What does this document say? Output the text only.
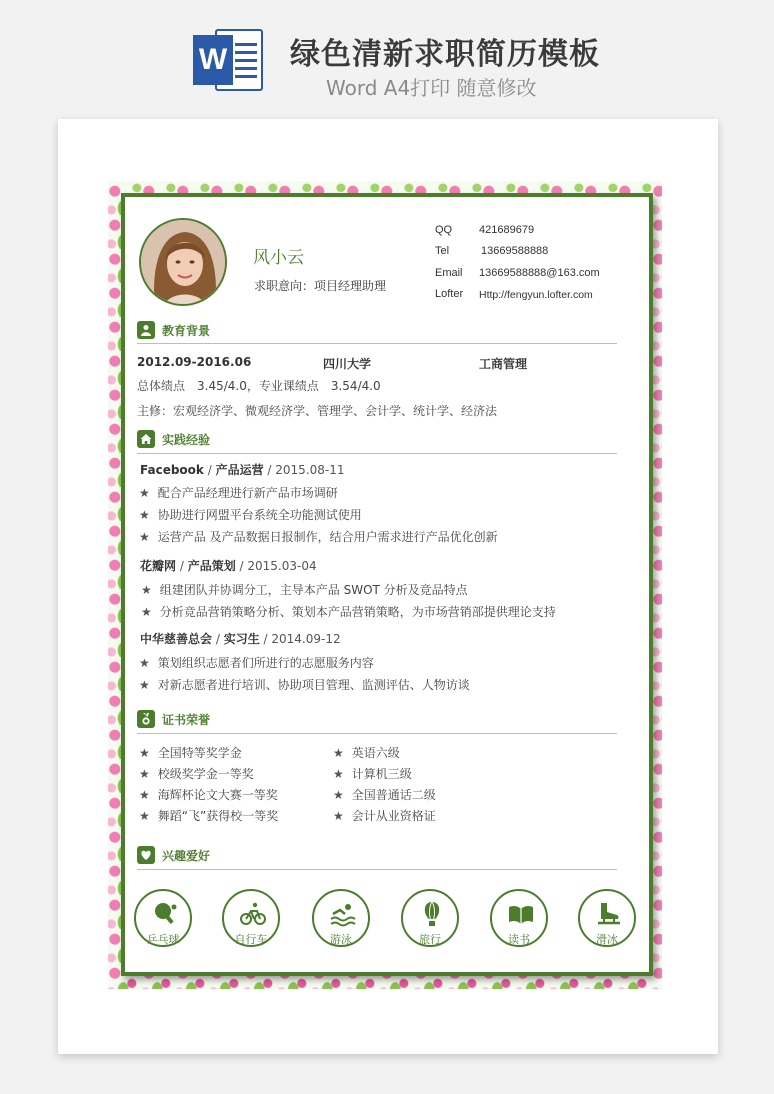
W 绿色清新求职简历模板
Word A4打印 随意修改
风小云
求职意向：项目经理助理
QQ 421689679
Tel	13669588888
Email 13669588888@163.com
Lofter Http://fengyun.lofter.com
教育背景
2012.09-2016.06	四川大学	工商管理
总体绩点　3.45/4.0，专业课绩点　3.54/4.0
主修：宏观经济学、微观经济学、管理学、会计学、统计学、经济法
实践经验
Facebook / 产品运营 / 2015.08-11
★ 配合产品经理进行新产品市场调研
★ 协助进行网盟平台系统全功能测试使用
★ 运营产品 及产品数据日报制作，结合用户需求进行产品优化创新
花瓣网 / 产品策划 / 2015.03-04
★ 组建团队并协调分工，主导本产品 SWOT 分析及竞品特点
★ 分析竞品营销策略分析、策划本产品营销策略，为市场营销部提供理论支持
中华慈善总会 / 实习生 / 2014.09-12
★ 策划组织志愿者们所进行的志愿服务内容
★ 对新志愿者进行培训、协助项目管理、监测评估、人物访谈
证书荣誉
★ 全国特等奖学金
★ 校级奖学金一等奖
★ 海辉杯论文大赛一等奖
★ 舞蹈“飞”获得校一等奖
★ 英语六级
★ 计算机三级
★ 全国普通话二级
★ 会计从业资格证
兴趣爱好
乒乓球	自行车	游泳	旅行	读书	滑冰
